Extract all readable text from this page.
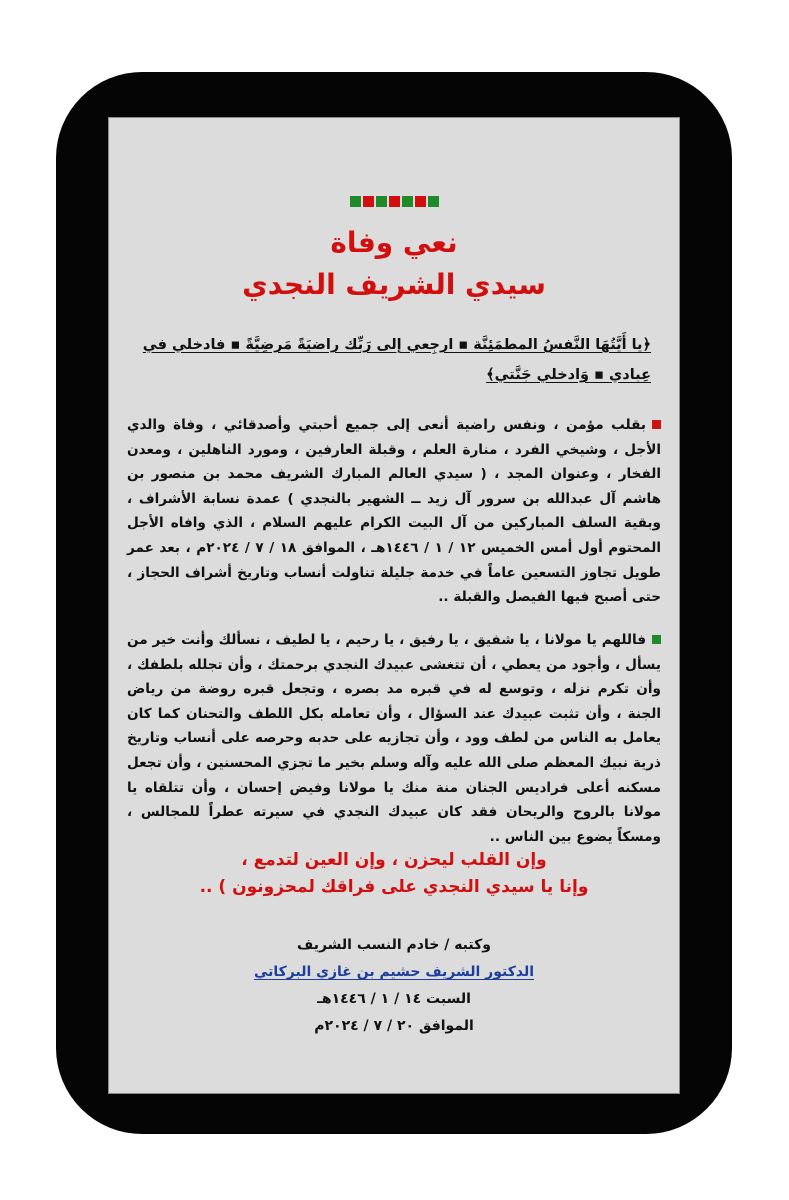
نعي وفاة
سيدي الشريف النجدي
﴿يا أَيَّتُهَا النَّفسُ المطمَئِنَّة ▪ ارجِعي إلى رَبِّك راضيَةً مَرضِيَّةً ▪ فادخلي في
عِبادي ▪ وَادخلي جَنَّتي﴾
بقلب مؤمن ، ونفس راضية أنعى إلى جميع أحبتي وأصدقائي ، وفاة والدي الأجل ، وشيخي الفرد ، منارة العلم ، وقبلة العارفين ، ومورد الناهلين ، ومعدن الفخار ، وعنوان المجد ، ( سيدي العالم المبارك الشريف محمد بن منصور بن هاشم آل عبدالله بن سرور آل زيد ــ الشهير بالنجدي ) عمدة نسابة الأشراف ، وبقية السلف المباركين من آل البيت الكرام عليهم السلام ، الذي وافاه الأجل المحتوم أول أمس الخميس ١٢ / ١ / ١٤٤٦هـ ، الموافق ١٨ / ٧ / ٢٠٢٤م ، بعد عمر طويل تجاوز التسعين عاماً في خدمة جليلة تناولت أنساب وتاريخ أشراف الحجاز ، حتى أصبح فيها الفيصل والقبلة ..
فاللهم يا مولانا ، يا شفيق ، يا رفيق ، يا رحيم ، يا لطيف ، نسألك وأنت خير من يسأل ، وأجود من يعطي ، أن تتغشى عبيدك النجدي برحمتك ، وأن تجلله بلطفك ، وأن تكرم نزله ، وتوسع له في قبره مد بصره ، وتجعل قبره روضة من رياض الجنة ، وأن تثبت عبيدك عند السؤال ، وأن تعامله بكل اللطف والتحنان كما كان يعامل به الناس من لطف وود ، وأن تجازيه على حدبه وحرصه على أنساب وتاريخ ذرية نبيك المعظم صلى الله عليه وآله وسلم بخير ما تجزي المحسنين ، وأن تجعل مسكنه أعلى فراديس الجنان منة منك يا مولانا وفيض إحسان ، وأن تتلقاه يا مولانا بالروح والريحان فقد كان عبيدك النجدي في سيرته عطراً للمجالس ، ومسكاً يضوع بين الناس ..
وإن القلب ليحزن ، وإن العين لتدمع ،
وإنا يا سيدي النجدي على فراقك لمحزونون ) ..
وكتبه / خادم النسب الشريف
الدكتور الشريف حشيم بن غازي البركاتي
السبت ١٤ / ١ / ١٤٤٦هـ
الموافق ٢٠ / ٧ / ٢٠٢٤م
